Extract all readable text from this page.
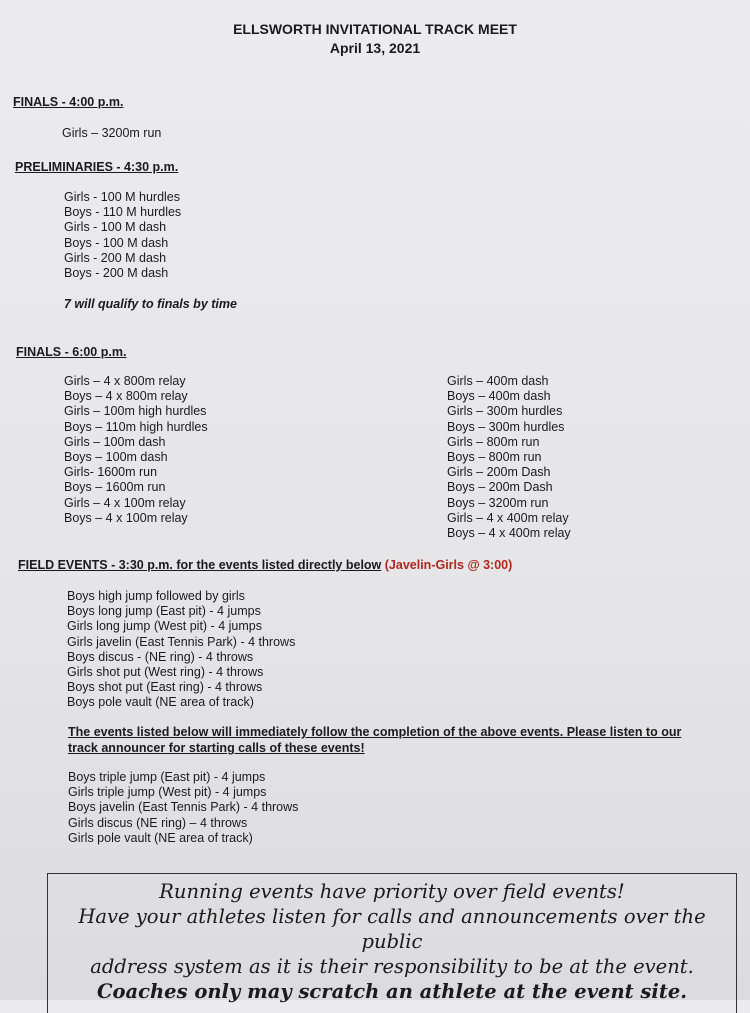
ELLSWORTH INVITATIONAL TRACK MEET
April 13, 2021
FINALS - 4:00 p.m.
Girls – 3200m run
PRELIMINARIES - 4:30 p.m.
Girls - 100 M hurdles
Boys - 110 M hurdles
Girls - 100 M dash
Boys - 100 M dash
Girls - 200 M dash
Boys - 200 M dash
7 will qualify to finals by time
FINALS - 6:00 p.m.
Girls – 4 x 800m relay
Boys – 4 x 800m relay
Girls – 100m high hurdles
Boys – 110m high hurdles
Girls – 100m dash
Boys – 100m dash
Girls- 1600m run
Boys – 1600m run
Girls – 4 x 100m relay
Boys – 4 x 100m relay
Girls – 400m dash
Boys – 400m dash
Girls – 300m hurdles
Boys – 300m hurdles
Girls – 800m run
Boys – 800m run
Girls – 200m Dash
Boys – 200m Dash
Boys – 3200m run
Girls – 4 x 400m relay
Boys – 4 x 400m relay
FIELD EVENTS - 3:30 p.m. for the events listed directly below (Javelin-Girls @ 3:00)
Boys high jump followed by girls
Boys long jump (East pit) - 4 jumps
Girls long jump (West pit) - 4 jumps
Girls javelin (East Tennis Park) - 4 throws
Boys discus - (NE ring) - 4 throws
Girls shot put (West ring) - 4 throws
Boys shot put (East ring) - 4 throws
Boys pole vault (NE area of track)
The events listed below will immediately follow the completion of the above events. Please listen to our
track announcer for starting calls of these events!
Boys triple jump (East pit) - 4 jumps
Girls triple jump (West pit) - 4 jumps
Boys javelin (East Tennis Park) - 4 throws
Girls discus (NE ring) – 4 throws
Girls pole vault (NE area of track)
Running events have priority over field events!
Have your athletes listen for calls and announcements over the public
address system as it is their responsibility to be at the event.
Coaches only may scratch an athlete at the event site.
